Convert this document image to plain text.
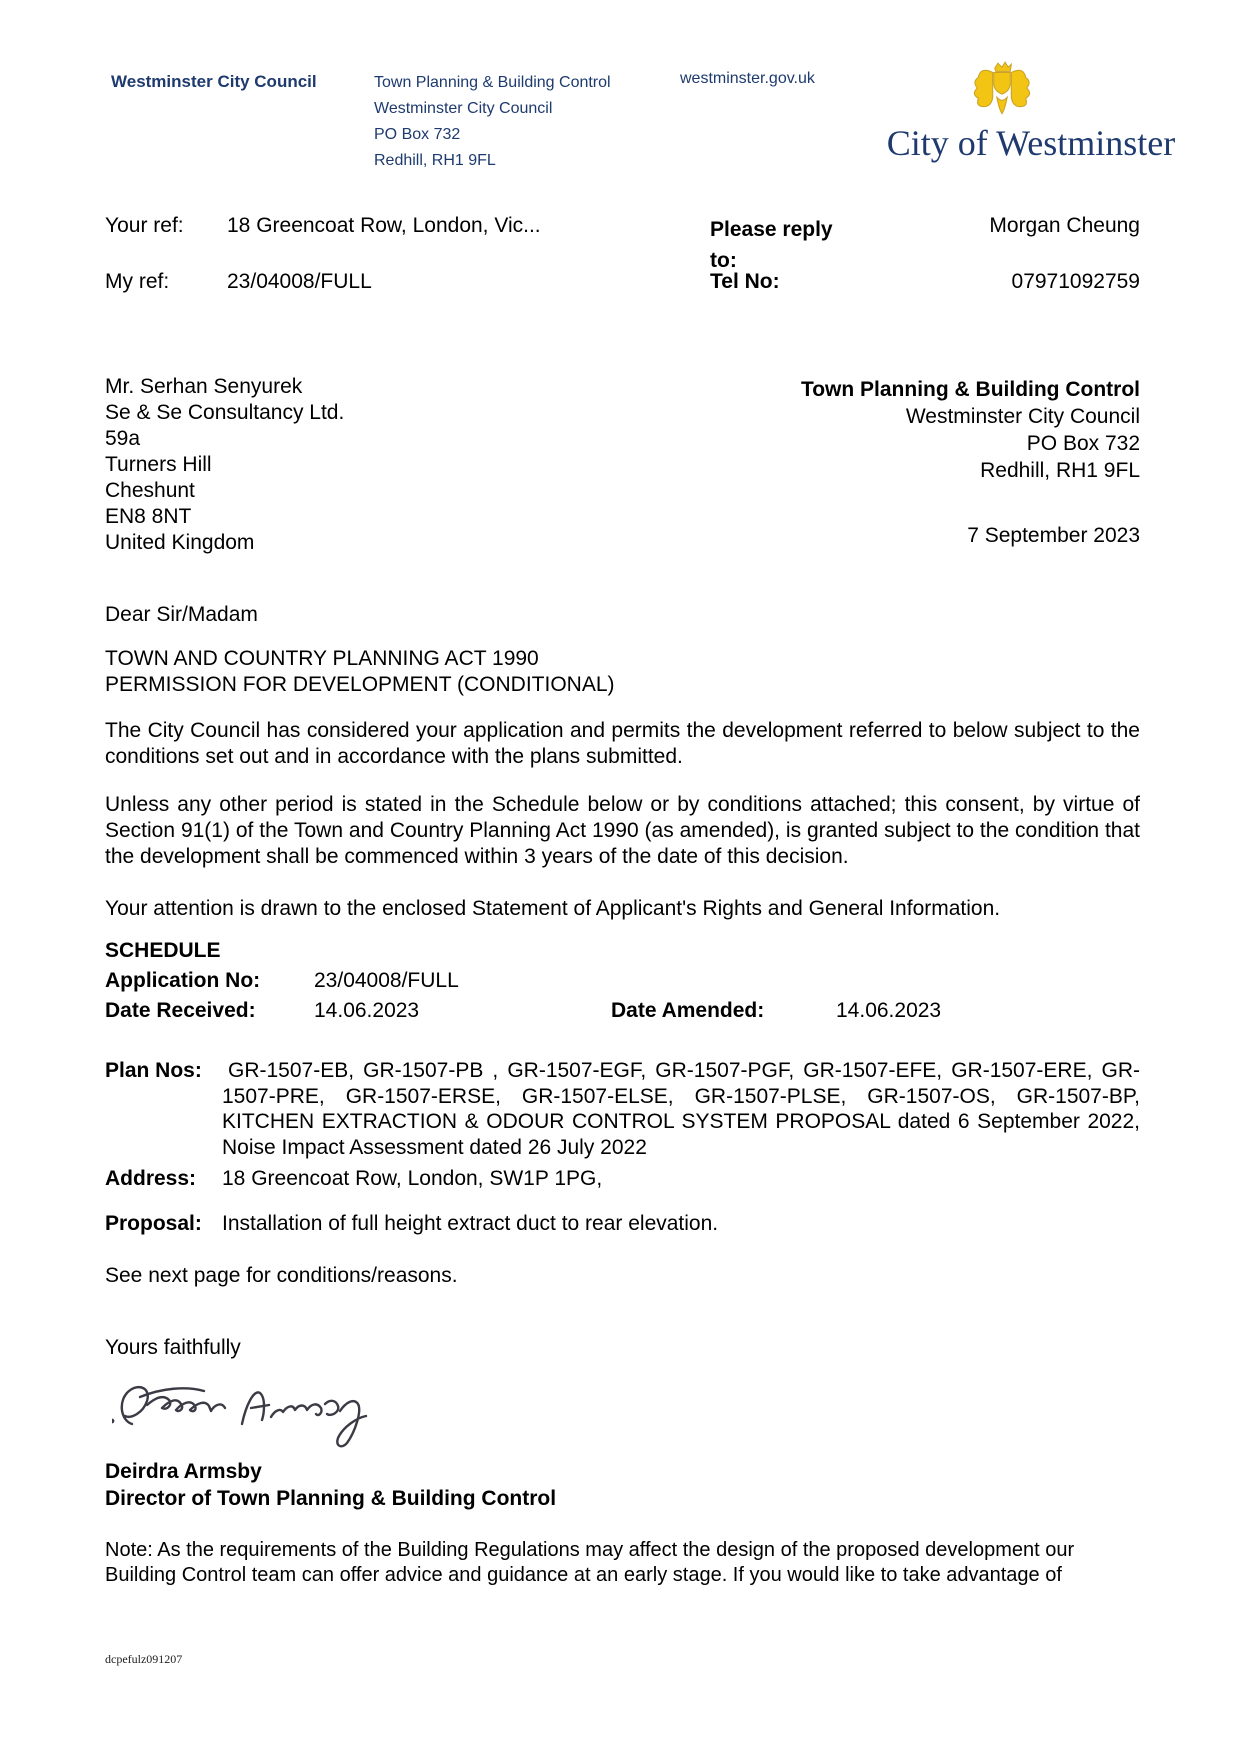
Westminster City Council	Town Planning & Building Control
Westminster City Council
PO Box 732
Redhill, RH1 9FL
westminster.gov.uk
City of Westminster
Your ref: 18 Greencoat Row, London, Vic...
My ref:	23/04008/FULL
Please reply to:
Morgan Cheung
Tel No:	07971092759
Mr. Serhan Senyurek
Se & Se Consultancy Ltd.
59a
Turners Hill
Cheshunt
EN8 8NT
United Kingdom
Town Planning & Building Control
Westminster City Council
PO Box 732
Redhill, RH1 9FL
7 September 2023
Dear Sir/Madam
TOWN AND COUNTRY PLANNING ACT 1990
PERMISSION FOR DEVELOPMENT (CONDITIONAL)
The City Council has considered your application and permits the development referred to below subject to the conditions set out and in accordance with the plans submitted.
Unless any other period is stated in the Schedule below or by conditions attached; this consent, by virtue of Section 91(1) of the Town and Country Planning Act 1990 (as amended), is granted subject to the condition that the development shall be commenced within 3 years of the date of this decision.
Your attention is drawn to the enclosed Statement of Applicant's Rights and General Information.
SCHEDULE
Application No:	23/04008/FULL
Date Received:	14.06.2023	Date Amended:	14.06.2023
Plan Nos: GR-1507-EB, GR-1507-PB , GR-1507-EGF, GR-1507-PGF, GR-1507-EFE, GR-1507-ERE, GR-1507-PRE, GR-1507-ERSE, GR-1507-ELSE, GR-1507-PLSE, GR-1507-OS, GR-1507-BP, KITCHEN EXTRACTION & ODOUR CONTROL SYSTEM PROPOSAL dated 6 September 2022, Noise Impact Assessment dated 26 July 2022
Address: 18 Greencoat Row, London, SW1P 1PG,
Proposal: Installation of full height extract duct to rear elevation.
See next page for conditions/reasons.
Yours faithfully
Deirdra Armsby
Director of Town Planning & Building Control
Note: As the requirements of the Building Regulations may affect the design of the proposed development our Building Control team can offer advice and guidance at an early stage. If you would like to take advantage of
dcpefulz091207
